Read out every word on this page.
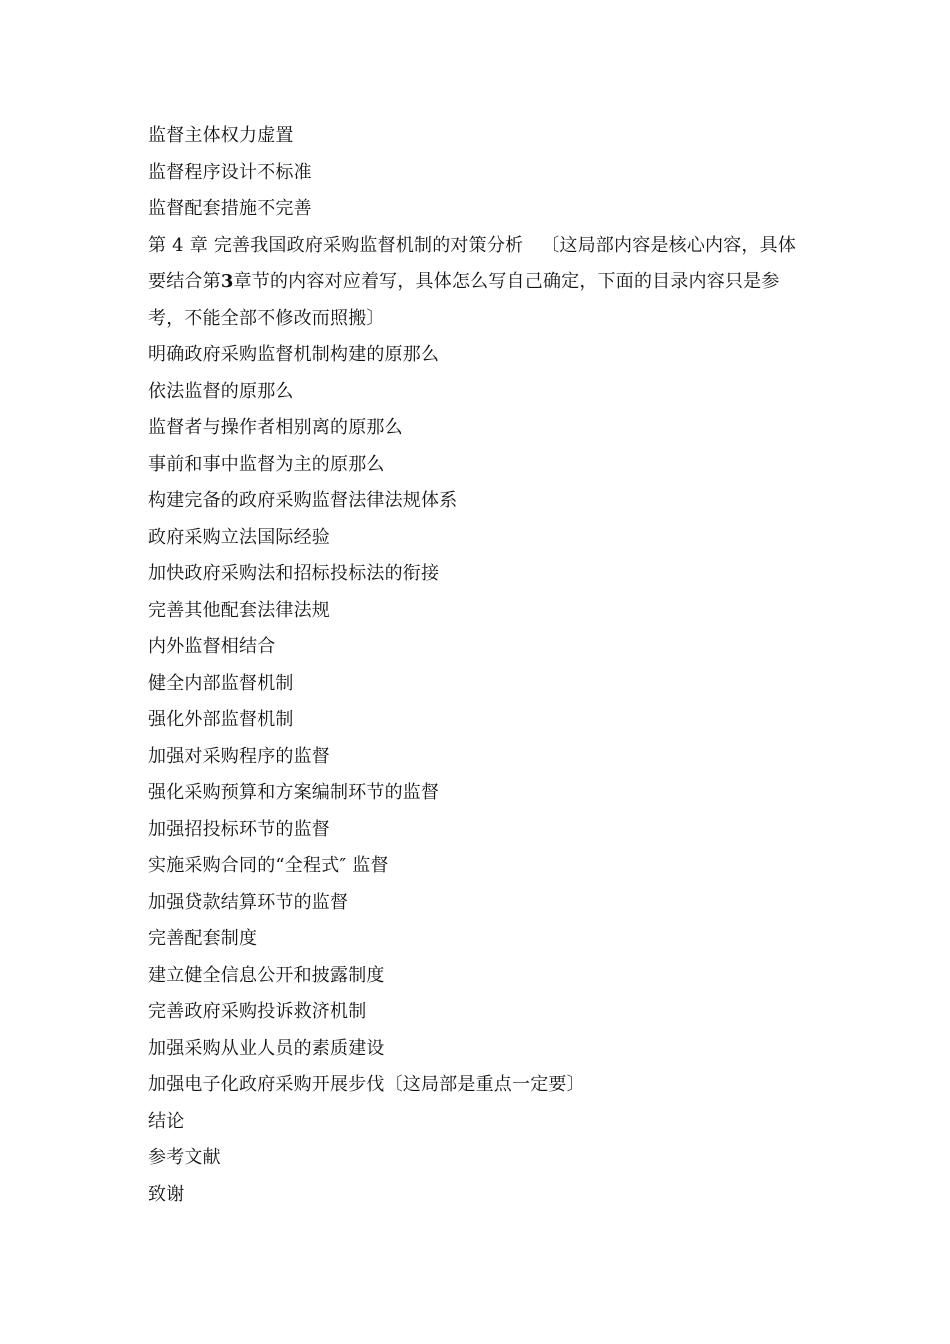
监督主体权力虚置
监督程序设计不标准
监督配套措施不完善
第 4 章 完善我国政府采购监督机制的对策分析 〔这局部内容是核心内容，具体要结合第3章节的内容对应着写，具体怎么写自己确定，下面的目录内容只是参考，不能全部不修改而照搬〕
明确政府采购监督机制构建的原那么
依法监督的原那么
监督者与操作者相别离的原那么
事前和事中监督为主的原那么
构建完备的政府采购监督法律法规体系
政府采购立法国际经验
加快政府采购法和招标投标法的衔接
完善其他配套法律法规
内外监督相结合
健全内部监督机制
强化外部监督机制
加强对采购程序的监督
强化采购预算和方案编制环节的监督
加强招投标环节的监督
实施采购合同的“全程式″ 监督
加强贷款结算环节的监督
完善配套制度
建立健全信息公开和披露制度
完善政府采购投诉救济机制
加强采购从业人员的素质建设
加强电子化政府采购开展步伐〔这局部是重点一定要〕
结论
参考文献
致谢
